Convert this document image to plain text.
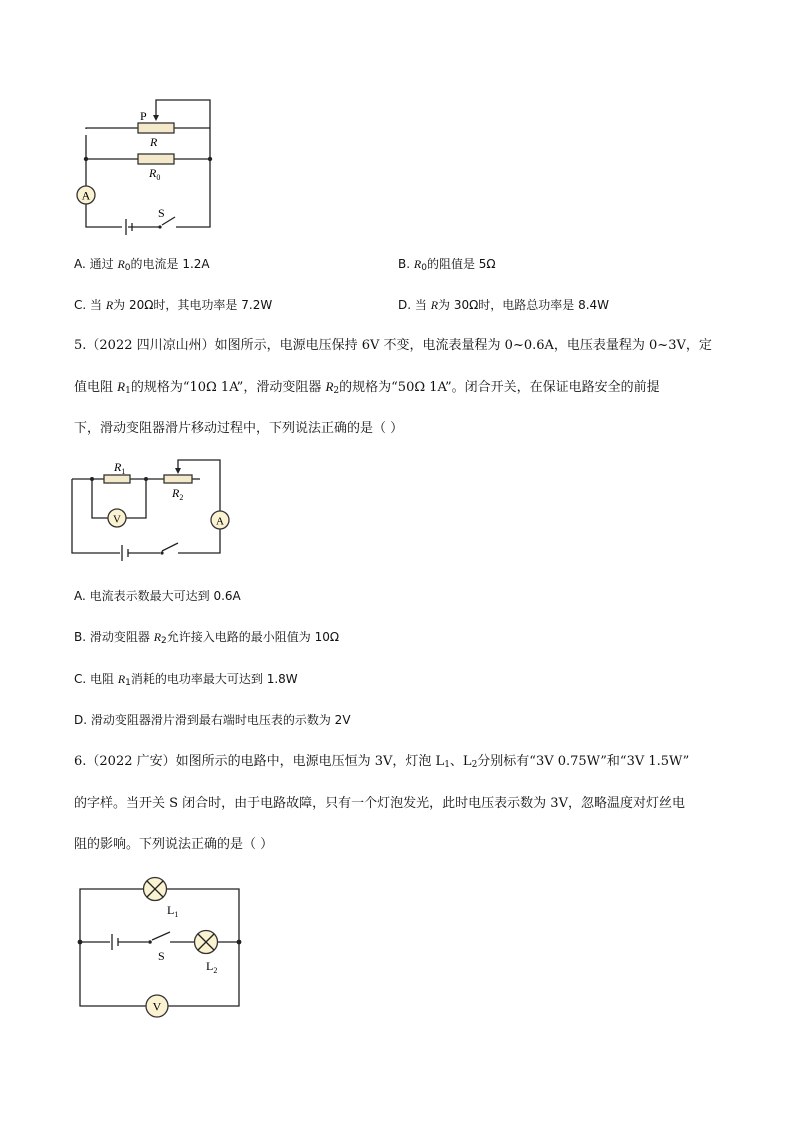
A
P
R
$R_0$
S
A. 通过 $R_0$的电流是 1.2A	B. $R_0$的阻值是 5Ω
C. 当 R为 20Ω时，其电功率是 7.2W	D. 当 R为 30Ω时，电路总功率是 8.4W
5.（2022 四川凉山州）如图所示，电源电压保持 6V 不变，电流表量程为 0~0.6A，电压表量程为 0~3V，定
值电阻 $R_1$的规格为“10Ω 1A”，滑动变阻器 $R_2$的规格为“50Ω 1A”。闭合开关，在保证电路安全的前提
下，滑动变阻器滑片移动过程中，下列说法正确的是（ ）
V	A
$R_1$
$R_2$
A. 电流表示数最大可达到 0.6A
B. 滑动变阻器 $R_2$允许接入电路的最小阻值为 10Ω
C. 电阻 $R_1$消耗的电功率最大可达到 1.8W
D. 滑动变阻器滑片滑到最右端时电压表的示数为 2V
6.（2022 广安）如图所示的电路中，电源电压恒为 3V，灯泡 $L_1$、$L_2$分别标有“3V 0.75W”和“3V 1.5W”
的字样。当开关 S 闭合时，由于电路故障，只有一个灯泡发光，此时电压表示数为 3V，忽略温度对灯丝电
阻的影响。下列说法正确的是（ ）
V
$L_1$
$L_2$
S
